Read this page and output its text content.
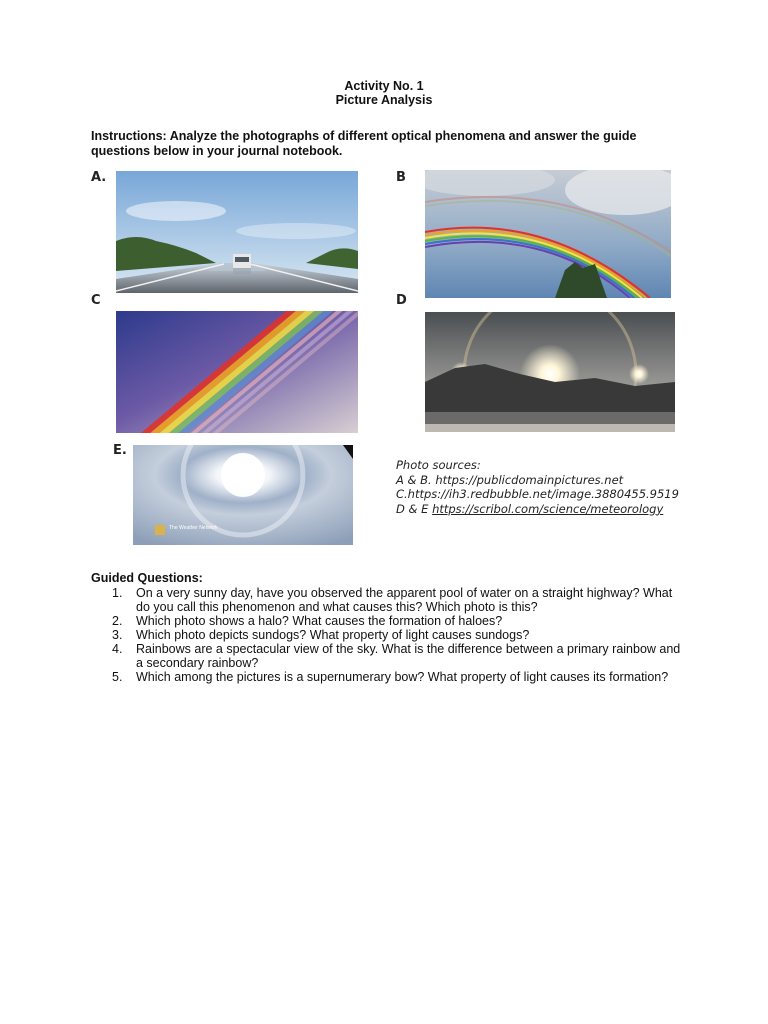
Activity No. 1
Picture Analysis
Instructions: Analyze the photographs of different optical phenomena and answer the guide questions below in your journal notebook.
A.	B
C	D
E.
The Weather Network
Photo sources:
A & B. https://publicdomainpictures.net
C.https://ih3.redbubble.net/image.3880455.9519
D & E https://scribol.com/science/meteorology
Guided Questions:
1. On a very sunny day, have you observed the apparent pool of water on a straight highway? What do you call this phenomenon and what causes this? Which photo is this?
2. Which photo shows a halo? What causes the formation of haloes?
3. Which photo depicts sundogs? What property of light causes sundogs?
4. Rainbows are a spectacular view of the sky. What is the difference between a primary rainbow and a secondary rainbow?
5. Which among the pictures is a supernumerary bow? What property of light causes its formation?
